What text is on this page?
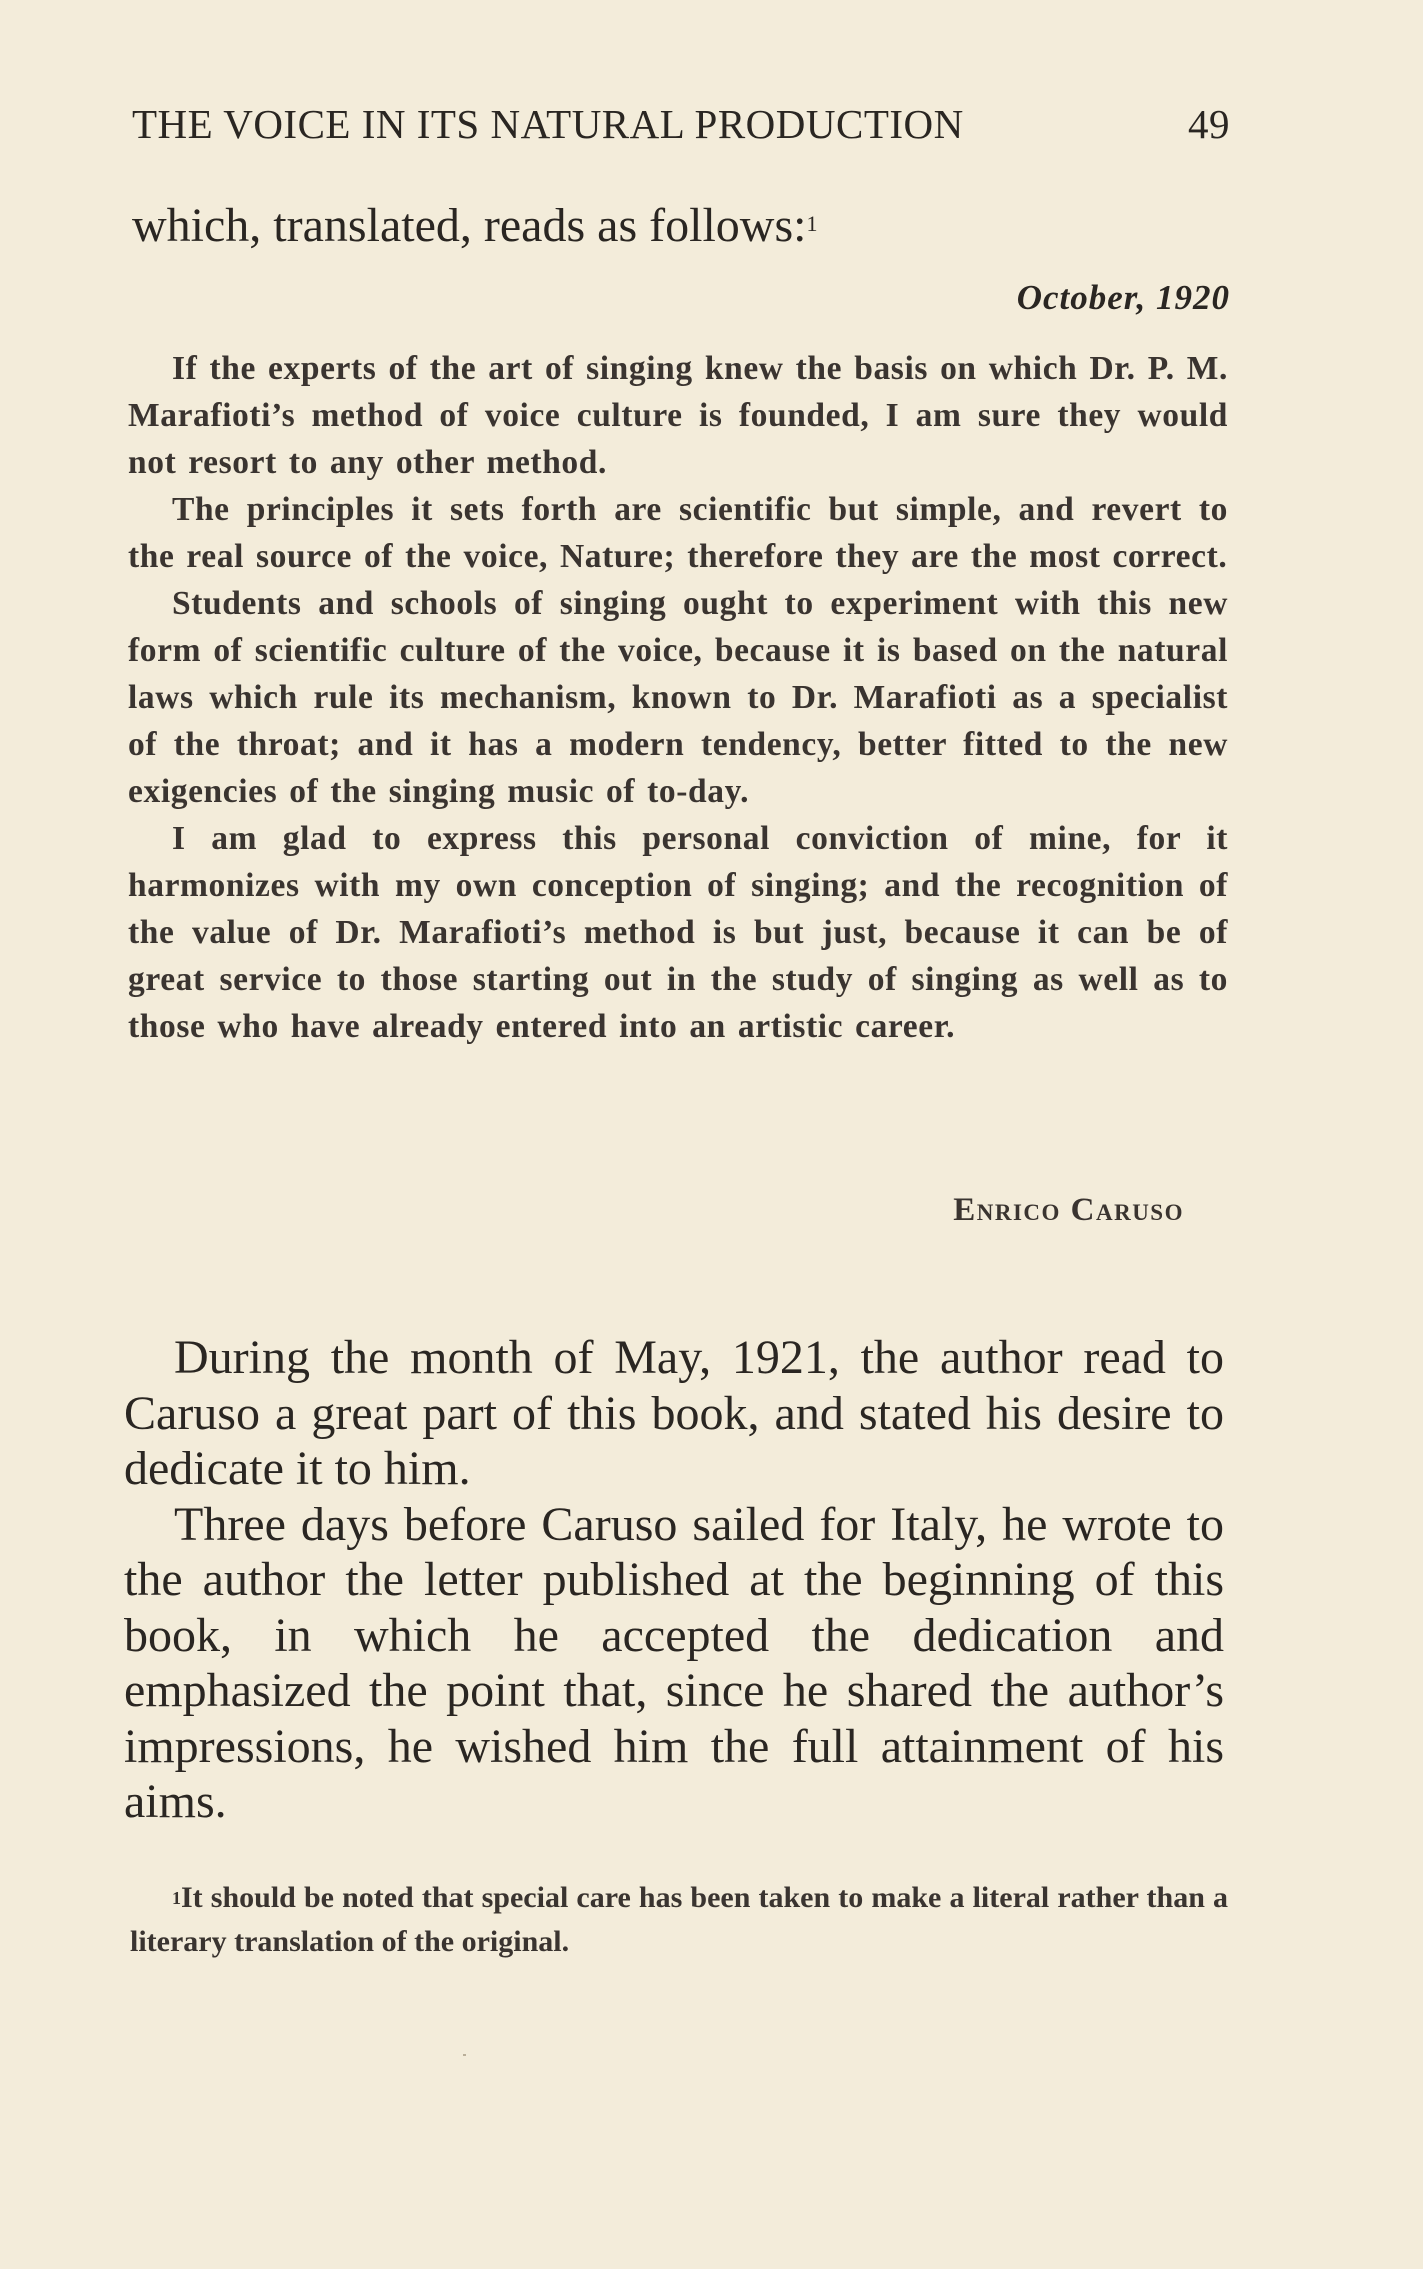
THE VOICE IN ITS NATURAL PRODUCTION	49

which, translated, reads as follows:$^1$

October, 1920

If the experts of the art of singing knew the basis on which Dr. P. M. Marafioti’s method of voice culture is founded, I am sure they would not resort to any other method.

The principles it sets forth are scientific but simple, and revert to the real source of the voice, Nature; therefore they are the most correct.

Students and schools of singing ought to experiment with this new form of scientific culture of the voice, because it is based on the natural laws which rule its mechanism, known to Dr. Marafioti as a specialist of the throat; and it has a modern tendency, better fitted to the new exigencies of the singing music of to-day.

I am glad to express this personal conviction of mine, for it harmonizes with my own conception of singing; and the recognition of the value of Dr. Marafioti’s method is but just, because it can be of great service to those starting out in the study of singing as well as to those who have already entered into an artistic career.

Enrico Caruso

During the month of May, 1921, the author read to Caruso a great part of this book, and stated his desire to dedicate it to him.

Three days before Caruso sailed for Italy, he wrote to the author the letter published at the beginning of this book, in which he accepted the dedication and emphasized the point that, since he shared the author’s impressions, he wished him the full attainment of his aims.

$^1$It should be noted that special care has been taken to make a literal rather than a literary translation of the original.
